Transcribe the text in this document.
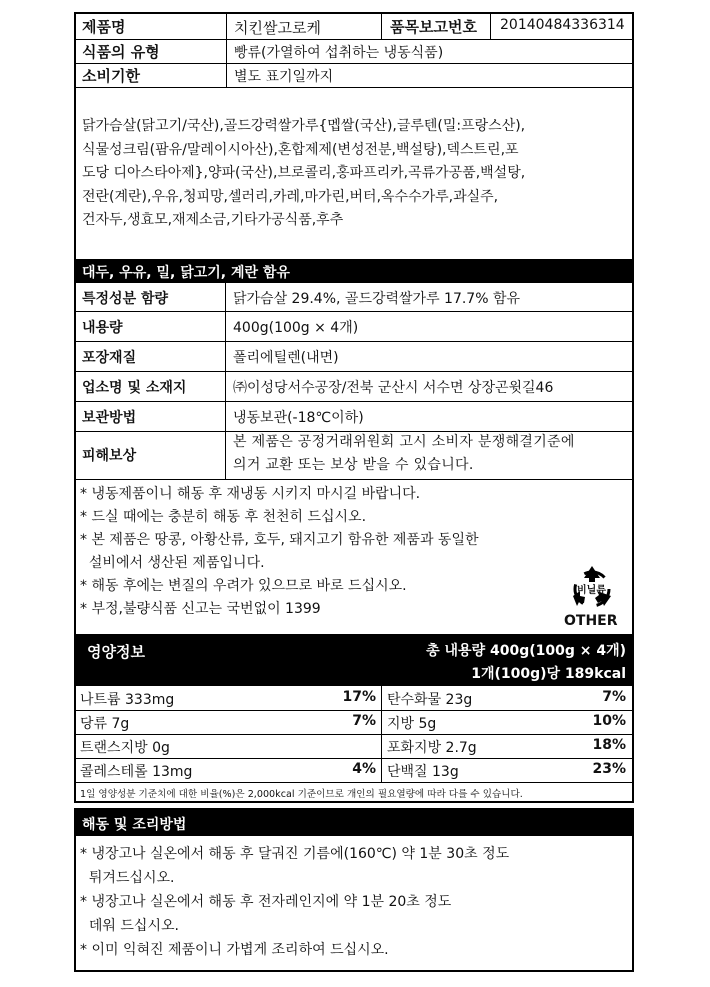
제품명	치킨쌀고로케	품목보고번호 20140484336314
식품의 유형	빵류(가열하여 섭취하는 냉동식품)
소비기한	별도 표기일까지
닭가슴살(닭고기/국산),골드강력쌀가루{멥쌀(국산),글루텐(밀:프랑스산),
식물성크림(팜유/말레이시아산),혼합제제(변성전분,백설탕),덱스트린,포
도당 디아스타아제},양파(국산),브로콜리,홍파프리카,곡류가공품,백설탕,
전란(계란),우유,청피망,셀러리,카레,마가린,버터,옥수수가루,과실주,
건자두,생효모,재제소금,기타가공식품,후추
대두, 우유, 밀, 닭고기, 계란 함유
특정성분 함량	닭가슴살 29.4%, 골드강력쌀가루 17.7% 함유
내용량	400g(100g × 4개)
포장재질	폴리에틸렌(내면)
업소명 및 소재지	㈜이성당서수공장/전북 군산시 서수면 상장곤윗길46
보관방법	냉동보관(-18℃이하)
피해보상
본 제품은 공정거래위원회 고시 소비자 분쟁해결기준에
의거 교환 또는 보상 받을 수 있습니다.
* 냉동제품이니 해동 후 재냉동 시키지 마시길 바랍니다.
* 드실 때에는 충분히 해동 후 천천히 드십시오.
* 본 제품은 땅콩, 아황산류, 호두, 돼지고기 함유한 제품과 동일한
설비에서 생산된 제품입니다.
* 해동 후에는 변질의 우려가 있으므로 바로 드십시오.
* 부정,불량식품 신고는 국번없이 1399
비닐류
OTHER
영양정보	총 내용량 400g(100g × 4개)
1개(100g)당 189kcal
나트륨 333mg	17% 탄수화물 23g	7%
당류 7g	7% 지방 5g	10%
트랜스지방 0g	포화지방 2.7g	18%
콜레스테롤 13mg	4% 단백질 13g	23%
1일 영양성분 기준치에 대한 비율(%)은 2,000kcal 기준이므로 개인의 필요열량에 따라 다를 수 있습니다.
해동 및 조리방법
* 냉장고나 실온에서 해동 후 달궈진 기름에(160℃) 약 1분 30초 정도
튀겨드십시오.
* 냉장고나 실온에서 해동 후 전자레인지에 약 1분 20초 정도
데워 드십시오.
* 이미 익혀진 제품이니 가볍게 조리하여 드십시오.
